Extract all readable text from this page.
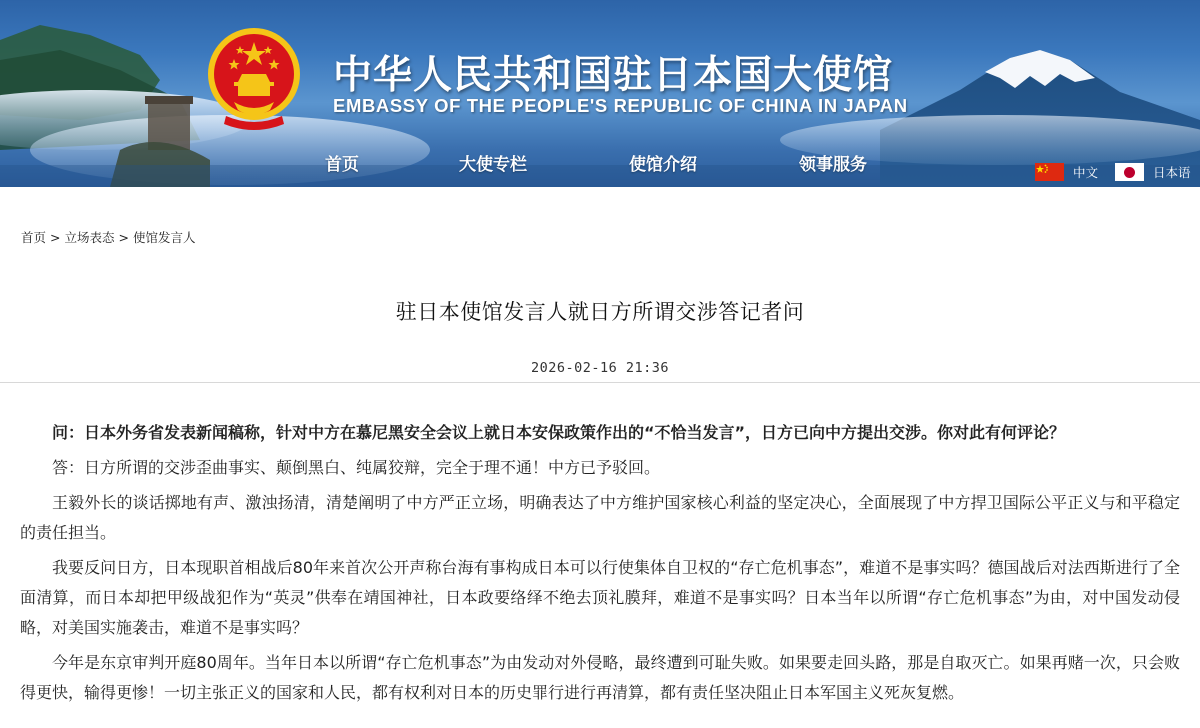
中华人民共和国驻日本国大使馆
EMBASSY OF THE PEOPLE'S REPUBLIC OF CHINA IN JAPAN
首页	大使专栏	使馆介绍	领事服务	中文	日本语
首页 > 立场表态 > 使馆发言人
驻日本使馆发言人就日方所谓交涉答记者问
2026-02-16 21:36

问：日本外务省发表新闻稿称，针对中方在慕尼黑安全会议上就日本安保政策作出的“不恰当发言”，日方已向中方提出交涉。你对此有何评论？

答：日方所谓的交涉歪曲事实、颠倒黑白、纯属狡辩，完全于理不通！中方已予驳回。

王毅外长的谈话掷地有声、激浊扬清，清楚阐明了中方严正立场，明确表达了中方维护国家核心利益的坚定决心，全面展现了中方捍卫国际公平正义与和平稳定的责任担当。

我要反问日方，日本现职首相战后80年来首次公开声称台海有事构成日本可以行使集体自卫权的“存亡危机事态”，难道不是事实吗？德国战后对法西斯进行了全面清算，而日本却把甲级战犯作为“英灵”供奉在靖国神社，日本政要络绎不绝去顶礼膜拜，难道不是事实吗？日本当年以所谓“存亡危机事态”为由，对中国发动侵略，对美国实施袭击，难道不是事实吗？

今年是东京审判开庭80周年。当年日本以所谓“存亡危机事态”为由发动对外侵略，最终遭到可耻失败。如果要走回头路，那是自取灭亡。如果再赌一次，只会败得更快，输得更惨！一切主张正义的国家和人民，都有权利对日本的历史罪行进行再清算，都有责任坚决阻止日本军国主义死灰复燃。
